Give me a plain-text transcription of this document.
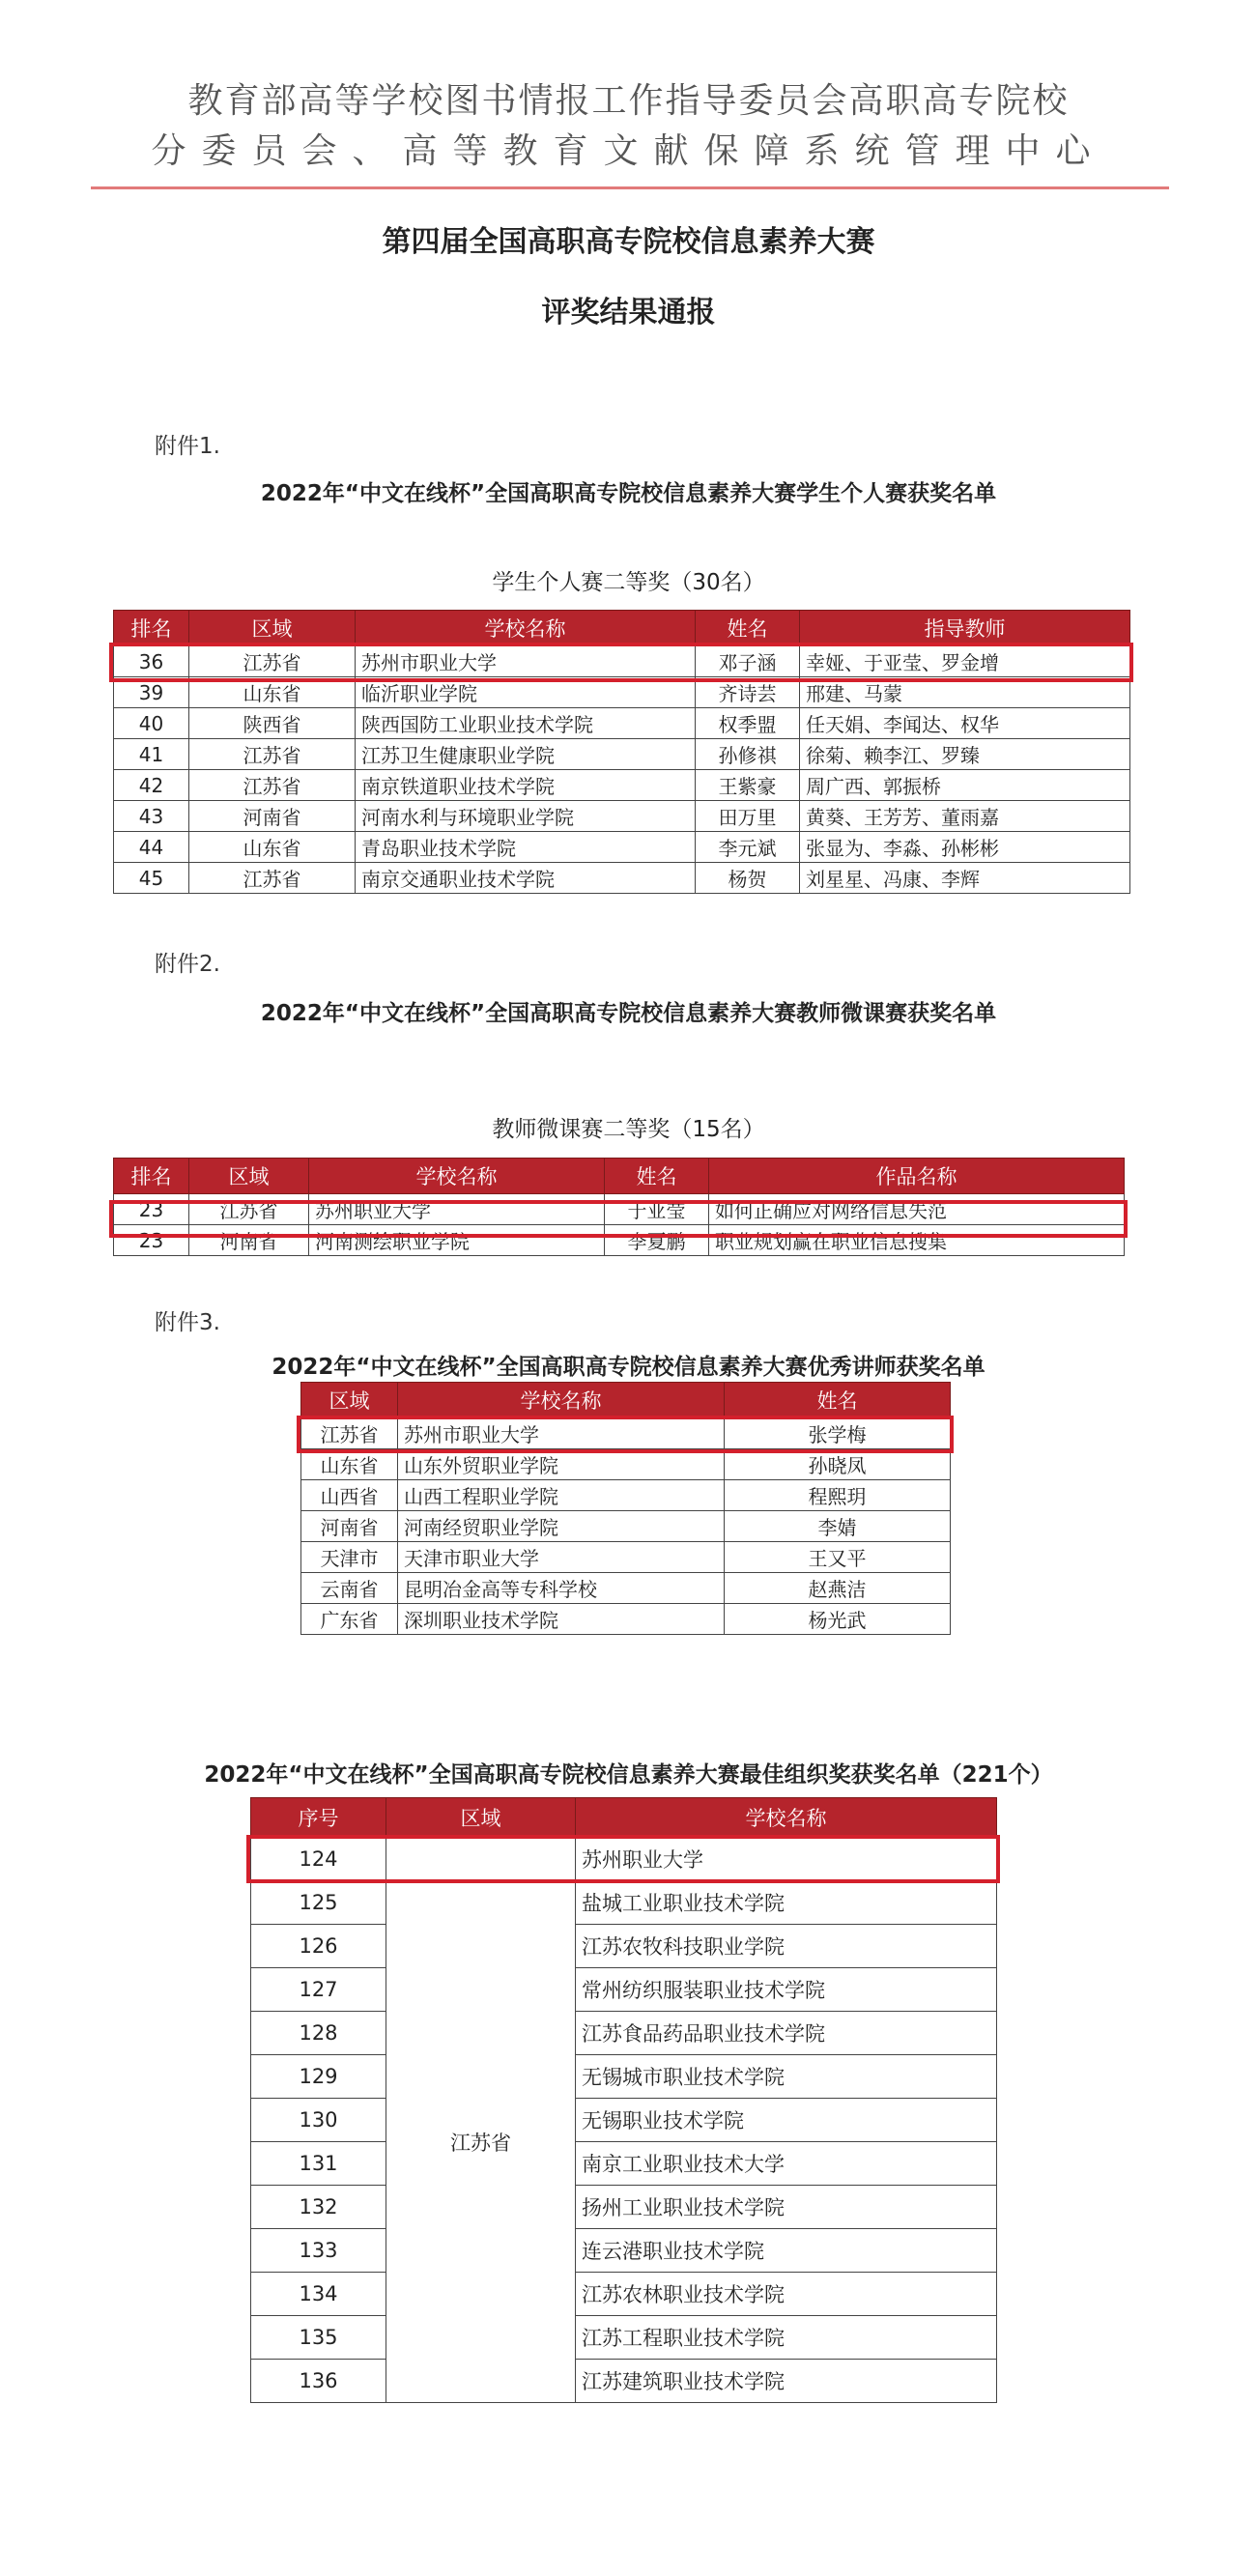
教育部高等学校图书情报工作指导委员会高职高专院校
分委员会、高等教育文献保障系统管理中心
第四届全国高职高专院校信息素养大赛
评奖结果通报
附件1.
2022年“中文在线杯”全国高职高专院校信息素养大赛学生个人赛获奖名单
学生个人赛二等奖（30名）
排名	区域	学校名称	姓名	指导教师
36	江苏省	苏州市职业大学	邓子涵	幸娅、于亚莹、罗金增
39	山东省	临沂职业学院	齐诗芸	邢建、马蒙
40	陕西省	陕西国防工业职业技术学院	权季盟	任天娟、李闻达、权华
41	江苏省	江苏卫生健康职业学院	孙修祺	徐菊、赖李江、罗臻
42	江苏省	南京铁道职业技术学院	王紫豪	周广西、郭振桥
43	河南省	河南水利与环境职业学院	田万里	黄葵、王芳芳、董雨嘉
44	山东省	青岛职业技术学院	李元斌	张显为、李淼、孙彬彬
45	江苏省	南京交通职业技术学院	杨贺	刘星星、冯康、李辉
附件2.
2022年“中文在线杯”全国高职高专院校信息素养大赛教师微课赛获奖名单
教师微课赛二等奖（15名）
排名	区域	学校名称	姓名	作品名称
23	江苏省	苏州职业大学	于亚莹	如何正确应对网络信息失范
23	河南省	河南测绘职业学院	李夏鹏	职业规划赢在职业信息搜集
附件3.
2022年“中文在线杯”全国高职高专院校信息素养大赛优秀讲师获奖名单
区域	学校名称	姓名
江苏省	苏州市职业大学	张学梅
山东省	山东外贸职业学院	孙晓凤
山西省	山西工程职业学院	程熙玥
河南省	河南经贸职业学院	李婧
天津市	天津市职业大学	王又平
云南省	昆明冶金高等专科学校	赵燕洁
广东省	深圳职业技术学院	杨光武
2022年“中文在线杯”全国高职高专院校信息素养大赛最佳组织奖获奖名单（221个）
序号	区域	学校名称
124		苏州职业大学
125	江苏省	盐城工业职业技术学院
126		江苏农牧科技职业学院
127		常州纺织服装职业技术学院
128		江苏食品药品职业技术学院
129		无锡城市职业技术学院
130		无锡职业技术学院
131		南京工业职业技术大学
132		扬州工业职业技术学院
133		连云港职业技术学院
134		江苏农林职业技术学院
135		江苏工程职业技术学院
136		江苏建筑职业技术学院
